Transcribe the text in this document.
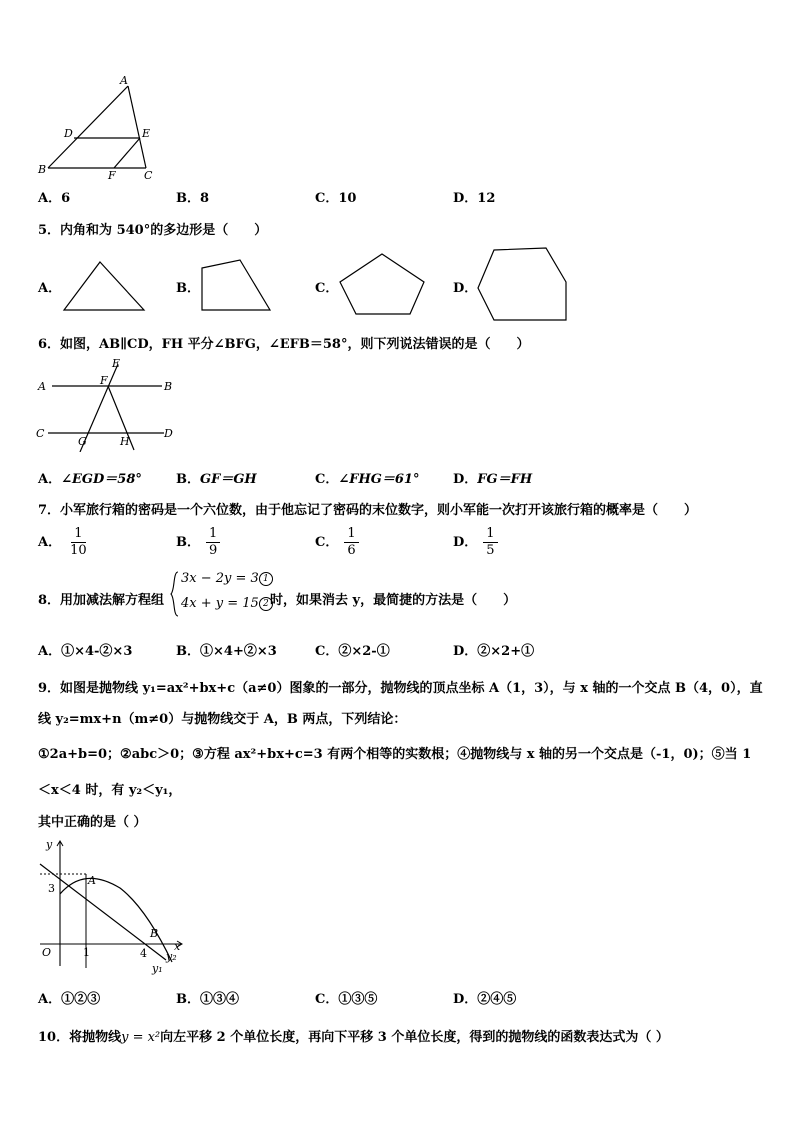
A
D	E
B	F	C
A．6	B．8	C．10	D．12
5．内角和为 540°的多边形是（　　）
A．	B．	C．	D．
6．如图，AB∥CD，FH 平分∠BFG，∠EFB＝58°，则下列说法错误的是（　　）
E
F
A	B
C
G	H
D
A．∠EGD＝58°	B．GF＝GH	C．∠FHG＝61°	D．FG＝FH
7．小军旅行箱的密码是一个六位数，由于他忘记了密码的末位数字，则小军能一次打开该旅行箱的概率是（　　）
A． $\frac{1}{10}$	B． $\frac{1}{9}$	C． $\frac{1}{6}$	D． $\frac{1}{5}$
8．用加减法解方程组
3x − 2y = 3 1
4x + y = 15 2 时，如果消去 y，最简捷的方法是（　　）
A．①×4-②×3	B．①×4+②×3	C．②×2-①	D．②×2+①
9．如图是抛物线 y₁=ax²+bx+c（a≠0）图象的一部分，抛物线的顶点坐标 A（1，3），与 x 轴的一个交点 B（4，0），直
线 y₂=mx+n（m≠0）与抛物线交于 A，B 两点，下列结论：
①2a+b=0；②abc＞0；③方程 ax²+bx+c=3 有两个相等的实数根；④抛物线与 x 轴的另一个交点是（-1，0)；⑤当 1
＜x＜4 时，有 y₂＜y₁，
其中正确的是（ ）
y
3
A
B
O	1	4
x
y₂
y₁
A．①②③	B．①③④	C．①③⑤	D．②④⑤
10．将抛物线y = x²向左平移 2 个单位长度，再向下平移 3 个单位长度，得到的抛物线的函数表达式为（ ）
